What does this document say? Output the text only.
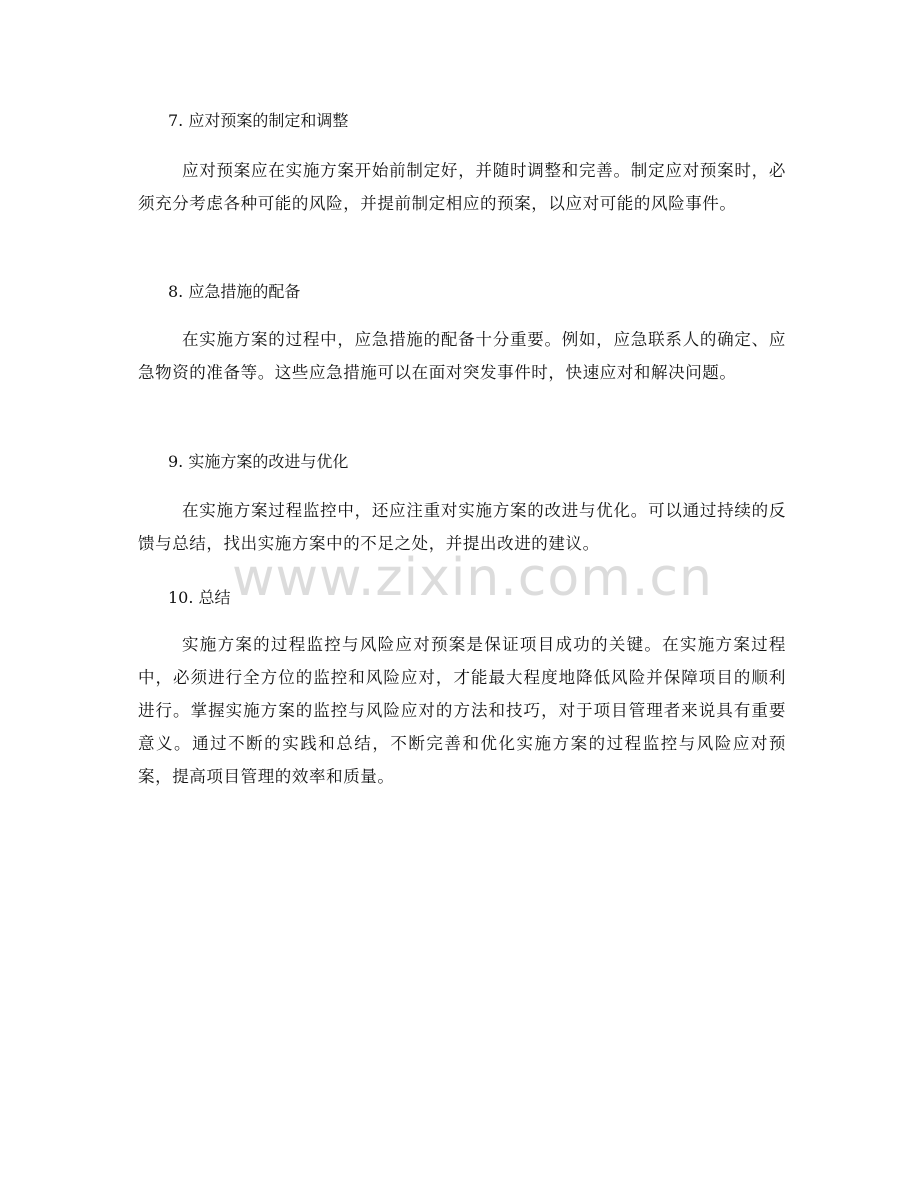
7. 应对预案的制定和调整

应对预案应在实施方案开始前制定好，并随时调整和完善。制定应对预案时，必须充分考虑各种可能的风险，并提前制定相应的预案，以应对可能的风险事件。

8. 应急措施的配备

在实施方案的过程中，应急措施的配备十分重要。例如，应急联系人的确定、应急物资的准备等。这些应急措施可以在面对突发事件时，快速应对和解决问题。

9. 实施方案的改进与优化

在实施方案过程监控中，还应注重对实施方案的改进与优化。可以通过持续的反馈与总结，找出实施方案中的不足之处，并提出改进的建议。

10. 总结

实施方案的过程监控与风险应对预案是保证项目成功的关键。在实施方案过程中，必须进行全方位的监控和风险应对，才能最大程度地降低风险并保障项目的顺利进行。掌握实施方案的监控与风险应对的方法和技巧，对于项目管理者来说具有重要意义。通过不断的实践和总结，不断完善和优化实施方案的过程监控与风险应对预案，提高项目管理的效率和质量。

www.zixin.com.cn
